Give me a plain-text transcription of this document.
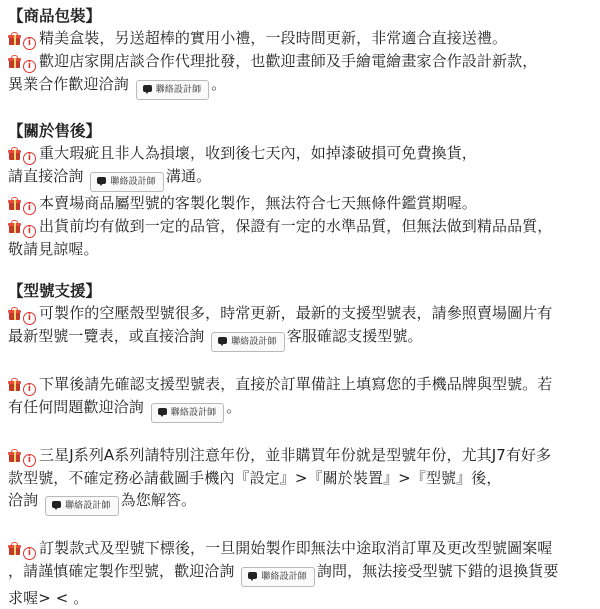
【商品包裝】

i 精美盒裝，另送超棒的實用小禮，一段時間更新，非常適合直接送禮。

i 歡迎店家開店談合作代理批發，也歡迎畫師及手繪電繪畫家合作設計新款，

異業合作歡迎洽詢	聯絡設計師 。

【關於售後】

i 重大瑕疵且非人為損壞，收到後七天內，如掉漆破損可免費換貨，

請直接洽詢	聯絡設計師 溝通。

i 本賣場商品屬型號的客製化製作，無法符合七天無條件鑑賞期喔。

i 出貨前均有做到一定的品管，保證有一定的水準品質，但無法做到精品品質，

敬請見諒喔。

【型號支援】

i 可製作的空壓殼型號很多，時常更新，最新的支援型號表，請參照賣場圖片有

最新型號一覽表，或直接洽詢	聯絡設計師 客服確認支援型號。

i 下單後請先確認支援型號表，直接於訂單備註上填寫您的手機品牌與型號。若

有任何問題歡迎洽詢	聯絡設計師 。

i 三星J系列A系列請特別注意年份，並非購買年份就是型號年份，尤其J7有好多

款型號，不確定務必請截圖手機內『設定』>『關於裝置』>『型號』後，

洽詢	聯絡設計師 為您解答。

i 訂製款式及型號下標後，一旦開始製作即無法中途取消訂單及更改型號圖案喔

，請謹慎確定製作型號，歡迎洽詢	聯絡設計師 詢問，無法接受型號下錯的退換貨要

求喔> < 。
